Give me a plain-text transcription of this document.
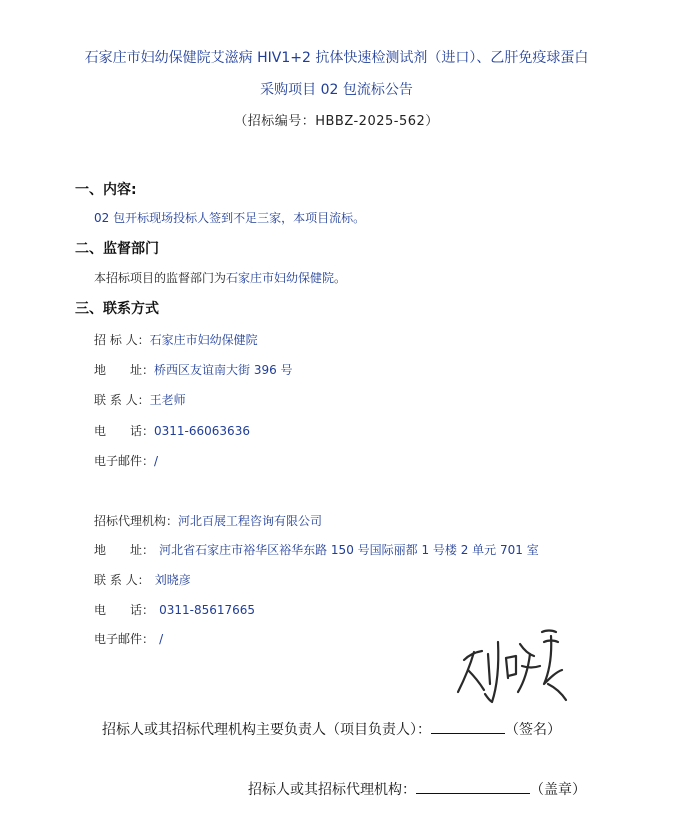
石家庄市妇幼保健院艾滋病 HIV1+2 抗体快速检测试剂（进口）、乙肝免疫球蛋白
采购项目 02 包流标公告
（招标编号：HBBZ-2025-562）
一、内容:
02 包开标现场投标人签到不足三家，本项目流标。
二、监督部门
本招标项目的监督部门为石家庄市妇幼保健院。
三、联系方式
招 标 人：石家庄市妇幼保健院
地　　址：桥西区友谊南大街 396 号
联 系 人：王老师
电　　话：0311-66063636
电子邮件：/
招标代理机构：河北百展工程咨询有限公司
地　　址： 河北省石家庄市裕华区裕华东路 150 号国际丽都 1 号楼 2 单元 701 室
联 系 人： 刘晓彦
电　　话： 0311-85617665
电子邮件： /
招标人或其招标代理机构主要负责人（项目负责人）：	（签名）
招标人或其招标代理机构：	（盖章）
